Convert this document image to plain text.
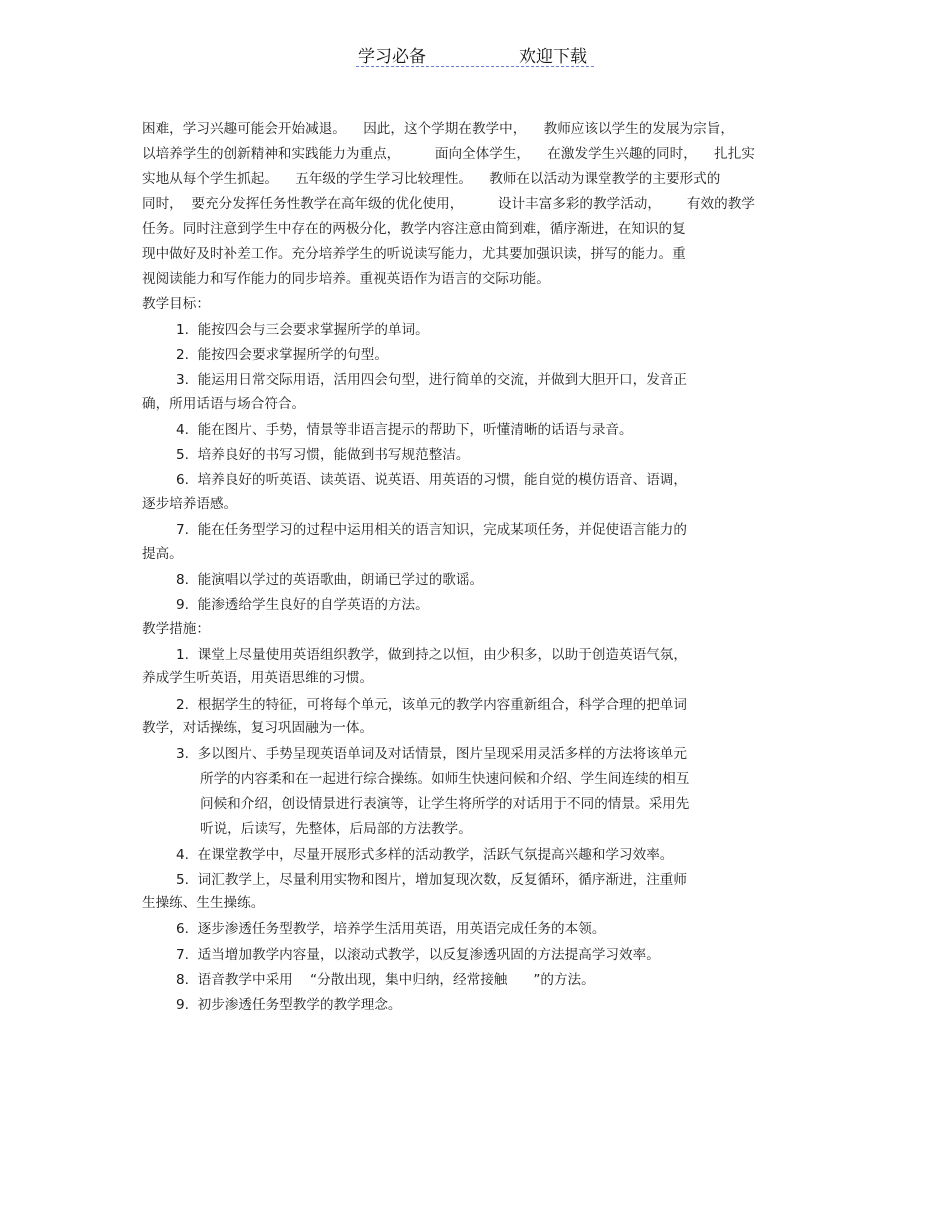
学习必备	欢迎下载
困难，学习兴趣可能会开始减退。    因此，这个学期在教学中，    教师应该以学生的发展为宗旨，
以培养学生的创新精神和实践能力为重点，        面向全体学生，    在激发学生兴趣的同时，    扎扎实
实地从每个学生抓起。    五年级的学生学习比较理性。    教师在以活动为课堂教学的主要形式的
同时，  要充分发挥任务性教学在高年级的优化使用，        设计丰富多彩的教学活动，      有效的教学
任务。同时注意到学生中存在的两极分化，教学内容注意由简到难，循序渐进，在知识的复
现中做好及时补差工作。充分培养学生的听说读写能力，尤其要加强识读，拼写的能力。重
视阅读能力和写作能力的同步培养。重视英语作为语言的交际功能。
教学目标：
1.  能按四会与三会要求掌握所学的单词。
2.  能按四会要求掌握所学的句型。
3.  能运用日常交际用语，活用四会句型，进行简单的交流，并做到大胆开口，发音正
确，所用话语与场合符合。
4.  能在图片、手势，情景等非语言提示的帮助下，听懂清晰的话语与录音。
5.  培养良好的书写习惯，能做到书写规范整洁。
6.  培养良好的听英语、读英语、说英语、用英语的习惯，能自觉的模仿语音、语调，
逐步培养语感。
7.  能在任务型学习的过程中运用相关的语言知识，完成某项任务，并促使语言能力的
提高。
8.  能演唱以学过的英语歌曲，朗诵已学过的歌谣。
9.  能渗透给学生良好的自学英语的方法。
教学措施：
1.  课堂上尽量使用英语组织教学，做到持之以恒，由少积多，以助于创造英语气氛，
养成学生听英语，用英语思维的习惯。
2.  根据学生的特征，可将每个单元，该单元的教学内容重新组合，科学合理的把单词
教学，对话操练，复习巩固融为一体。
3.  多以图片、手势呈现英语单词及对话情景，图片呈现采用灵活多样的方法将该单元
所学的内容柔和在一起进行综合操练。如师生快速问候和介绍、学生间连续的相互
问候和介绍，创设情景进行表演等，让学生将所学的对话用于不同的情景。采用先
听说，后读写，先整体，后局部的方法教学。
4.  在课堂教学中，尽量开展形式多样的活动教学，活跃气氛提高兴趣和学习效率。
5.  词汇教学上，尽量利用实物和图片，增加复现次数，反复循环，循序渐进，注重师
生操练、生生操练。
6.  逐步渗透任务型教学，培养学生活用英语，用英语完成任务的本领。
7.  适当增加教学内容量，以滚动式教学，以反复渗透巩固的方法提高学习效率。
8.  语音教学中采用    “分散出现，集中归纳，经常接触      ”的方法。
9.  初步渗透任务型教学的教学理念。
